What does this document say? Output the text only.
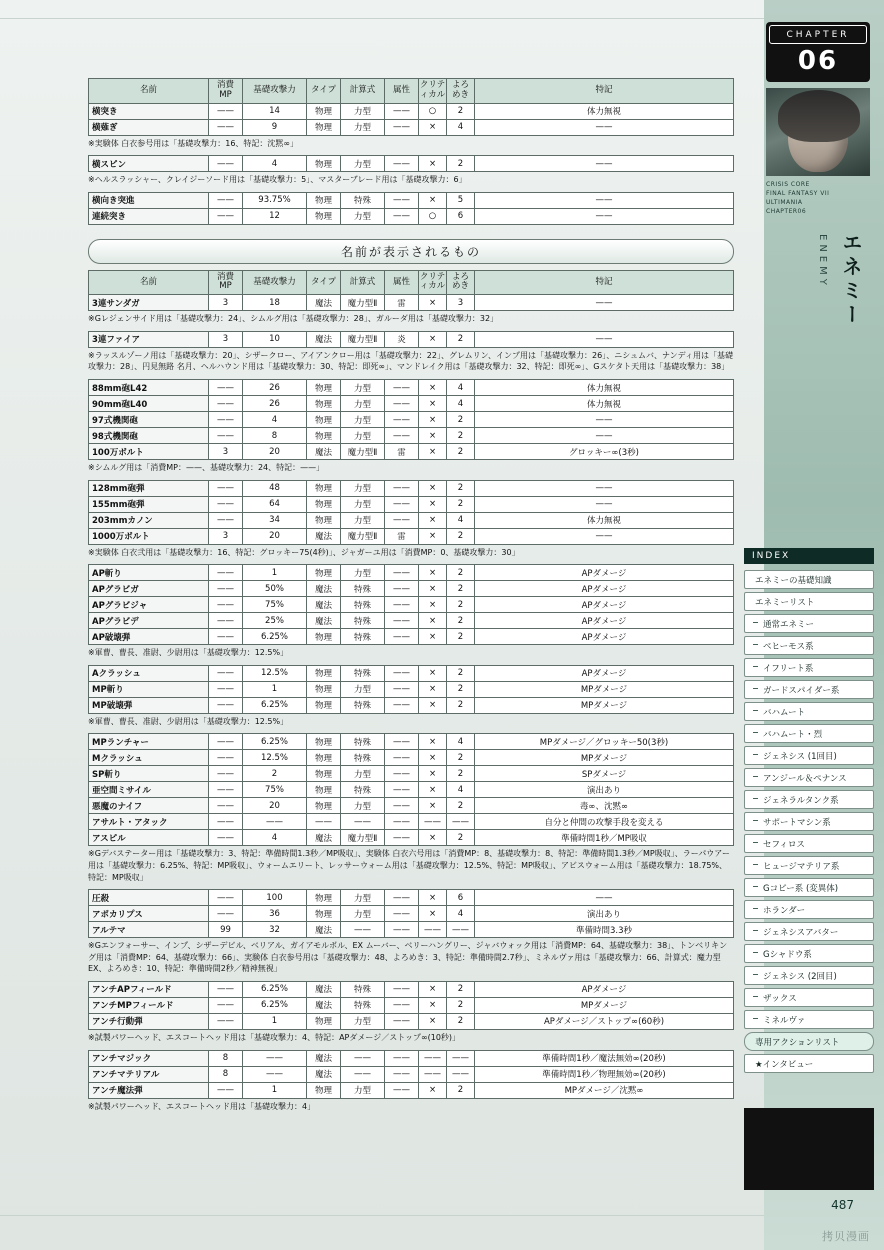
名前	消費
MP	基礎攻撃力	タイプ	計算式	属性	クリテ
ィカル	よろ
めき	特記
横突き	——	14	物理	力型	——	○	2	体力無視
横薙ぎ	——	9	物理	力型	——	×	4	——
※実験体 白衣参号用は「基礎攻撃力：16、特記：沈黙∞」
横スピン	——	4	物理	力型	——	×	2	——
※ヘルスラッシャー、クレイジーソード用は「基礎攻撃力：5」、マスターブレード用は「基礎攻撃力：6」
横向き突進	——	93.75%	物理	特殊	——	×	5	——
連続突き	——	12	物理	力型	——	○	6	——
名前が表示されるもの
名前	消費
MP	基礎攻撃力	タイプ	計算式	属性	クリテ
ィカル	よろ
めき	特記
3連サンダガ	3	18	魔法	魔力型Ⅱ	雷	×	3	——
※Gレジェンサイド用は「基礎攻撃力：24」、シムルグ用は「基礎攻撃力：28」、ガルーダ用は「基礎攻撃力：32」
3連ファイア	3	10	魔法	魔力型Ⅱ	炎	×	2	——
※ラッスルゾーノ用は「基礎攻撃力：20」、シザークロー、アイアンクロー用は「基礎攻撃力：22」、グレムリン、インプ用は「基礎攻撃力：26」、ニシュムバ、ナンディ用は「基礎攻撃力：28」、円見無路 名月、ヘルハウンド用は「基礎攻撃力：30、特記：即死∞」、マンドレイク用は「基礎攻撃力：32、特記：即死∞」、Gスケタト天用は「基礎攻撃力：38」
88mm砲L42	——	26	物理	力型	——	×	4	体力無視
90mm砲L40	——	26	物理	力型	——	×	4	体力無視
97式機関砲	——	4	物理	力型	——	×	2	——
98式機関砲	——	8	物理	力型	——	×	2	——
100万ボルト	3	20	魔法	魔力型Ⅱ	雷	×	2	グロッキー∞(3秒)
※シムルグ用は「消費MP：——、基礎攻撃力：24、特記：——」
128mm砲弾	——	48	物理	力型	——	×	2	——
155mm砲弾	——	64	物理	力型	——	×	2	——
203mmカノン	——	34	物理	力型	——	×	4	体力無視
1000万ボルト	3	20	魔法	魔力型Ⅱ	雷	×	2	——
※実験体 白衣弐用は「基礎攻撃力：16、特記：グロッキー75(4秒)」、ジャガーユ用は「消費MP：0、基礎攻撃力：30」
AP斬り	——	1	物理	力型	——	×	2	APダメージ
APグラビガ	——	50%	魔法	特殊	——	×	2	APダメージ
APグラビジャ	——	75%	魔法	特殊	——	×	2	APダメージ
APグラビデ	——	25%	魔法	特殊	——	×	2	APダメージ
AP破壊弾	——	6.25%	物理	特殊	——	×	2	APダメージ
※軍曹、曹長、准尉、少尉用は「基礎攻撃力：12.5%」
Aクラッシュ	——	12.5%	物理	特殊	——	×	2	APダメージ
MP斬り	——	1	物理	力型	——	×	2	MPダメージ
MP破壊弾	——	6.25%	物理	特殊	——	×	2	MPダメージ
※軍曹、曹長、准尉、少尉用は「基礎攻撃力：12.5%」
MPランチャー	——	6.25%	物理	特殊	——	×	4	MPダメージ／グロッキー50(3秒)
Mクラッシュ	——	12.5%	物理	特殊	——	×	2	MPダメージ
SP斬り	——	2	物理	力型	——	×	2	SPダメージ
亜空間ミサイル	——	75%	物理	特殊	——	×	4	演出あり
悪魔のナイフ	——	20	物理	力型	——	×	2	毒∞、沈黙∞
アサルト・アタック	——	——	——	——	——	——	——	自分と仲間の攻撃手段を変える
アスピル	——	4	魔法	魔力型Ⅱ	——	×	2	準備時間1秒／MP吸収
※Gデバステーター用は「基礎攻撃力：3、特記：準備時間1.3秒／MP吸収」、実験体 白衣六号用は「消費MP：8、基礎攻撃力：8、特記：準備時間1.3秒／MP吸収」、ラーパウアー用は「基礎攻撃力：6.25%、特記：MP吸収」、ウォームエリート、レッサーウォーム用は「基礎攻撃力：12.5%、特記：MP吸収」、アビスウォーム用は「基礎攻撃力：18.75%、特記：MP吸収」
圧殺	——	100	物理	力型	——	×	6	——
アポカリプス	——	36	物理	力型	——	×	4	演出あり
アルテマ	99	32	魔法	——	——	——	——	準備時間3.3秒
※Gエンフォーサー、インプ、シザーデビル、ベリアル、ガイアモルボル、EX ムーバー、ベリーハングリー、ジャバウォック用は「消費MP：64、基礎攻撃力：38」、トンベリキング用は「消費MP：64、基礎攻撃力：66」、実験体 白衣参号用は「基礎攻撃力：48、よろめき：3、特記：準備時間2.7秒」、ミネルヴァ用は「基礎攻撃力：66、計算式：魔力型EX、よろめき：10、特記：準備時間2秒／精神無視」
アンチAPフィールド	——	6.25%	魔法	特殊	——	×	2	APダメージ
アンチMPフィールド	——	6.25%	魔法	特殊	——	×	2	MPダメージ
アンチ行動弾	——	1	物理	力型	——	×	2	APダメージ／ストップ∞(60秒)
※試製パワーヘッド、エスコートヘッド用は「基礎攻撃力：4、特記：APダメージ／ストップ∞(10秒)」
アンチマジック	8	——	魔法	——	——	——	——	準備時間1秒／魔法無効∞(20秒)
アンチマテリアル	8	——	魔法	——	——	——	——	準備時間1秒／物理無効∞(20秒)
アンチ魔法弾	——	1	物理	力型	——	×	2	MPダメージ／沈黙∞
※試製パワーヘッド、エスコートヘッド用は「基礎攻撃力：4」
CHAPTER
06
CRISIS CORE
FINAL FANTASY VII
ULTIMANIA
CHAPTER06
エネミー
ENEMY
INDEX
エネミーの基礎知識
エネミーリスト
通常エネミー
ベヒーモス系
イフリート系
ガードスパイダー系
バハムート
バハムート・烈
ジェネシス (1回目)
アンジール＆ペナンス
ジェネラルタンク系
サポートマシン系
セフィロス
ヒュージマテリア系
Gコピー系 (変異体)
ホランダー
ジェネシスアバター
Gシャドウ系
ジェネシス (2回目)
ザックス
ミネルヴァ
専用アクションリスト
★インタビュー
487
拷贝漫画
